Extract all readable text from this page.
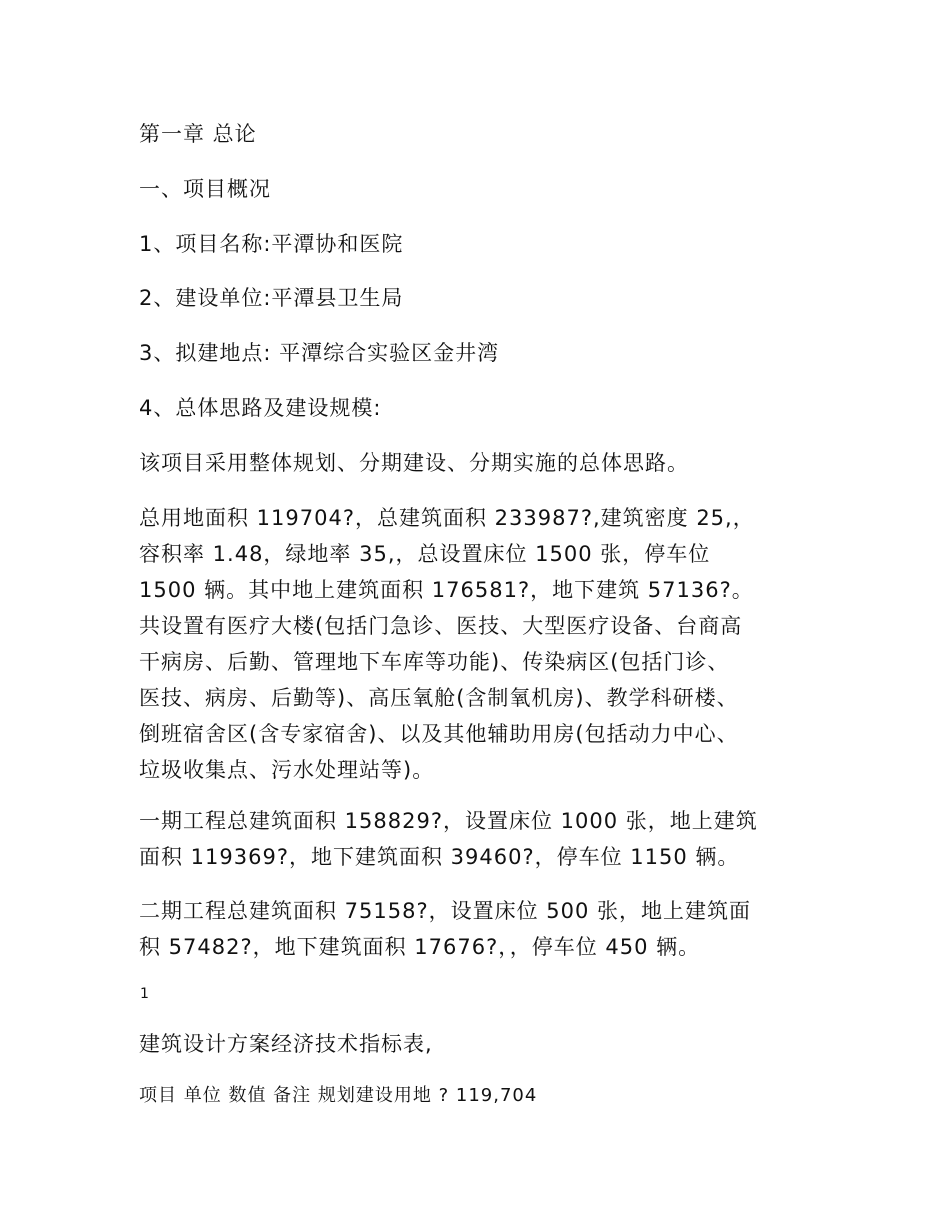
第一章 总论

一、项目概况

1、项目名称:平潭协和医院

2、建设单位:平潭县卫生局

3、拟建地点: 平潭综合实验区金井湾

4、总体思路及建设规模:

该项目采用整体规划、分期建设、分期实施的总体思路。

总用地面积 119704?，总建筑面积 233987?,建筑密度 25,，
容积率 1.48，绿地率 35,，总设置床位 1500 张，停车位
1500 辆。其中地上建筑面积 176581?，地下建筑 57136?。
共设置有医疗大楼(包括门急诊、医技、大型医疗设备、台商高
干病房、后勤、管理地下车库等功能)、传染病区(包括门诊、
医技、病房、后勤等)、高压氧舱(含制氧机房)、教学科研楼、
倒班宿舍区(含专家宿舍)、以及其他辅助用房(包括动力中心、
垃圾收集点、污水处理站等)。
一期工程总建筑面积 158829?，设置床位 1000 张，地上建筑
面积 119369?，地下建筑面积 39460?，停车位 1150 辆。
二期工程总建筑面积 75158?，设置床位 500 张，地上建筑面
积 57482?，地下建筑面积 17676?，，停车位 450 辆。

1

建筑设计方案经济技术指标表,

项目 单位 数值 备注 规划建设用地 ? 119,704
